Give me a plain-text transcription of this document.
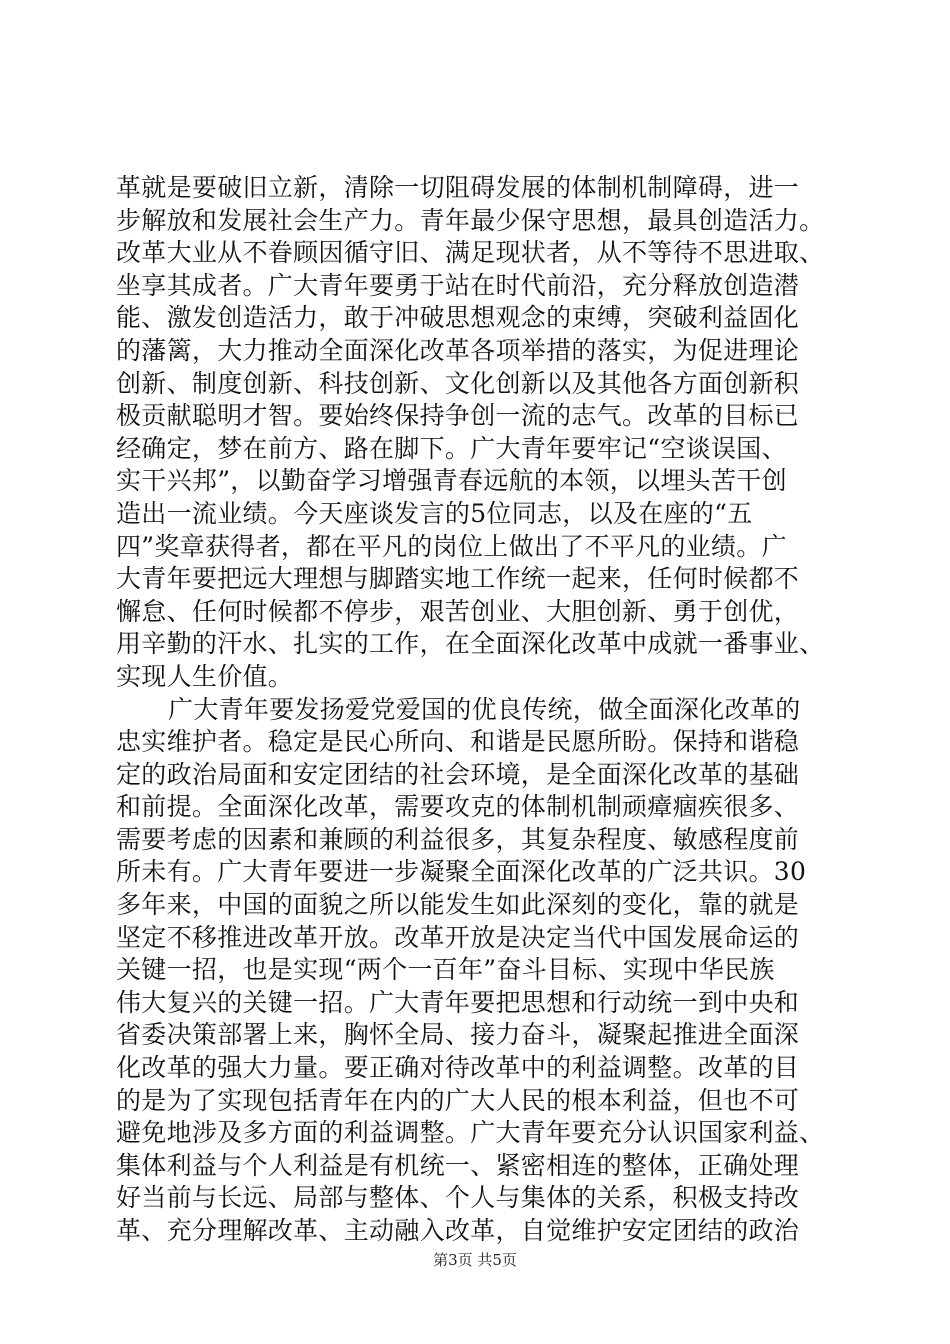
革就是要破旧立新，清除一切阻碍发展的体制机制障碍，进一
步解放和发展社会生产力。青年最少保守思想，最具创造活力。
改革大业从不眷顾因循守旧、满足现状者，从不等待不思进取、
坐享其成者。广大青年要勇于站在时代前沿，充分释放创造潜
能、激发创造活力，敢于冲破思想观念的束缚，突破利益固化
的藩篱，大力推动全面深化改革各项举措的落实，为促进理论
创新、制度创新、科技创新、文化创新以及其他各方面创新积
极贡献聪明才智。要始终保持争创一流的志气。改革的目标已
经确定，梦在前方、路在脚下。广大青年要牢记“空谈误国、
实干兴邦”，以勤奋学习增强青春远航的本领，以埋头苦干创
造出一流业绩。今天座谈发言的5位同志，以及在座的“五
四”奖章获得者，都在平凡的岗位上做出了不平凡的业绩。广
大青年要把远大理想与脚踏实地工作统一起来，任何时候都不
懈怠、任何时候都不停步，艰苦创业、大胆创新、勇于创优，
用辛勤的汗水、扎实的工作，在全面深化改革中成就一番事业、
实现人生价值。
广大青年要发扬爱党爱国的优良传统，做全面深化改革的
忠实维护者。稳定是民心所向、和谐是民愿所盼。保持和谐稳
定的政治局面和安定团结的社会环境，是全面深化改革的基础
和前提。全面深化改革，需要攻克的体制机制顽瘴痼疾很多、
需要考虑的因素和兼顾的利益很多，其复杂程度、敏感程度前
所未有。广大青年要进一步凝聚全面深化改革的广泛共识。30
多年来，中国的面貌之所以能发生如此深刻的变化，靠的就是
坚定不移推进改革开放。改革开放是决定当代中国发展命运的
关键一招，也是实现“两个一百年”奋斗目标、实现中华民族
伟大复兴的关键一招。广大青年要把思想和行动统一到中央和
省委决策部署上来，胸怀全局、接力奋斗，凝聚起推进全面深
化改革的强大力量。要正确对待改革中的利益调整。改革的目
的是为了实现包括青年在内的广大人民的根本利益，但也不可
避免地涉及多方面的利益调整。广大青年要充分认识国家利益、
集体利益与个人利益是有机统一、紧密相连的整体，正确处理
好当前与长远、局部与整体、个人与集体的关系，积极支持改
革、充分理解改革、主动融入改革，自觉维护安定团结的政治
第3页 共5页
